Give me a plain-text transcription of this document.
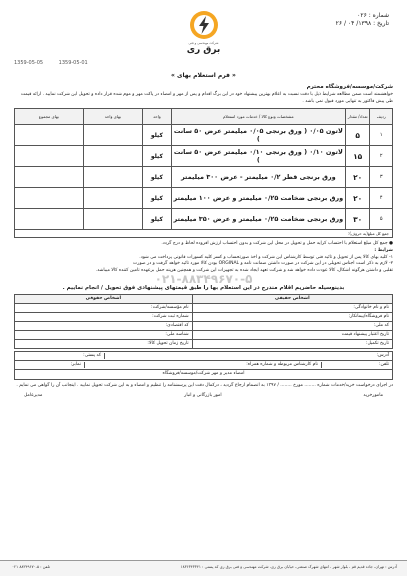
شماره : ۰۲۶
تاریخ : ۱۳۹۸/ ۰۴ / ۲۶
شرکت مهندسی و فنی
برق ری
1359-05-05	1359-05-01
« فرم استعلام بهای »
شرکت/موسسه/فروشگاه محترم
خواهشمند است ضمن مطالعه شرایط ذیل با دقت نسبت به اعلام بهترین پیشنهاد خود در این برگ اقدام و پس از مهر و امضاء در پاکت مهر و موم شده قرار داده و تحویل این شرکت نمایید . ارائه قیمت طی پیش فاکتور به تنهایی مورد قبول نمی باشد .
ردیف	تعداد/ مقدار	مشخصات ونوع کالا / خدمات مورد استعلام	واحد	بهای واحد	بهای مجموع
۱	۵	لاتون ۰/۰۵ ( ورق برنجی ۰/۰۵ میلیمتر عرض ۵۰ سانت )	کیلو		
۲	۱۵	لاتون ۰/۱۰ ( ورق برنجی ۰/۱۰ میلیمتر عرض ۵۰ سانت )	کیلو		
۳	۲۰	ورق برنجی قطر ۰/۲ میلیمتر - عرض ۳۰۰ میلیمتر	کیلو		
۴	۲۰	ورق برنجی ضخامت ۰/۲۵ میلیمتر و عرض ۱۰۰ میلیمتر	کیلو		
۵	۳۰	ورق برنجی ضخامت ۰/۲۵ میلیمتر و عرض ۳۵۰ میلیمتر	کیلو		
جمع کل مبلغ(به حروف):					
● جمع کل مبلغ استعلام با احتساب کرایه حمل و تحویل در محل این شرکت و بدون احتساب ارزش افزوده لحاظ و درج گردد.
شرایط :
۱- کلیه بهای کالا پس از تحویل و تائید فنی توسط کارشناس این شرکت و اخذ صورتحساب و کسر کلیه کسورات قانونی پرداخت می شود.
۲- لازم به ذکر است اجناس تحویلی در این شرکت در صورت داشتن ضمانت نامه و ORGINAL بودن کالا مورد تائید خواهد گرفت و در صورت
تقلبی و داشتن هرگونه اشکال، کالا عودت داده خواهد شد و شرکت تعهد ایجاد شده به تجهیزات این شرکت و همچنین هزینه حمل برعهده تامین کننده کالا میباشد.
۰۲۱-۸۸۳۴۹۶۷۰-۵
بدینوسیله حاضریم اقلام مندرج در این استعلام بها را طبق قیمتهای پیشنهادی فوق تحویل / انجام نماییم .
اشخاص حقیقی	اشخاص حقوقی
نام و نام خانوادگی:	نام مؤسسه/شرکت:
نام فروشگاه/پیمانکار:	شماره ثبت شرکت:
کد ملی:	کد اقتصادی:
تاریخ اعتبار پیشنهاد قیمت	شناسه ملی:
تاریخ تکمیل:	تاریخ زمان تحویل کالا:
آدرس:
کد پستی:
تلفن:
نام کارشناس مربوطه و شماره همراه:
نمابر:
امضاء مدیر و مهر شرکت/موسسه/فروشگاه
در اجرای درخواست خرید/خدمات شماره ........ مورخ ........ / ۱۳۹۷ به انضمام ارجاع گردید ، درکمال دقت این پرسشنامه را تنظیم و امضاء و به این شرکت تحویل نمایید . اینجانب آن را گواهی می نمایم .
مامورخرید
امور بازرگانی و انبار
مدیرعامل
آدرس : تهران، جاده قدیم قم ، بلوار شهر ، انتهای شهرک صنعتی، خیابان برق ری، شرکت مهندسی و فنی برق ری کد پستی : ۱۸۳۶۳۴۳۳۴۱
تلفن : ۵-۸۸۳۴۹۶۷۰ ۰۲۱
